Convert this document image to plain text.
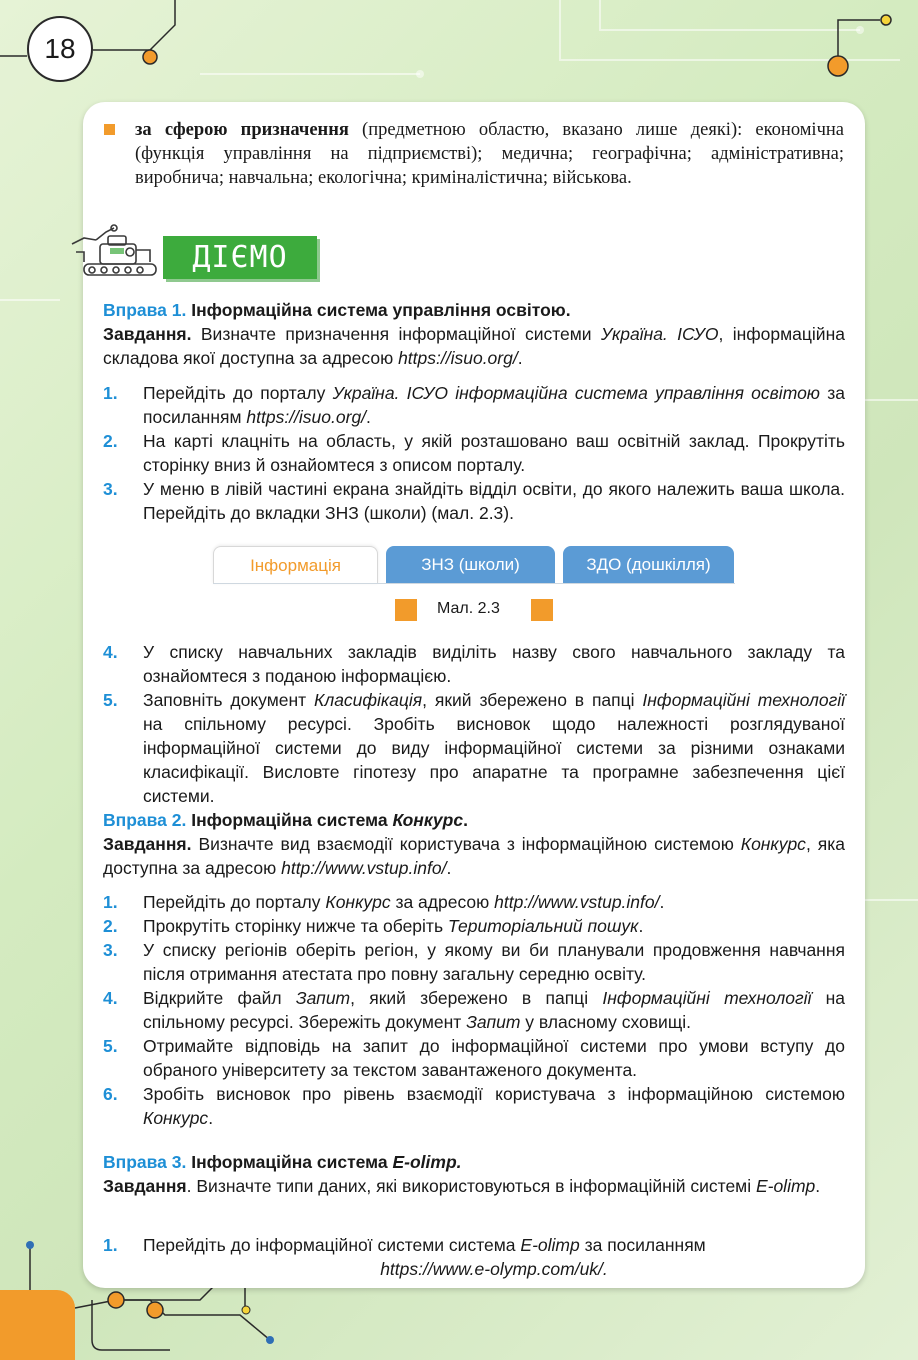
18
за сферою призначення (предметною областю, вказано лише деякі): економічна (функція управління на підприємстві); медична; географічна; адміністративна; виробнича; навчальна; екологічна; криміналістична; військова.
ДІЄМО
Вправа 1. Інформаційна система управління освітою.
Завдання. Визначте призначення інформаційної системи Україна. ІСУО, інформаційна складова якої доступна за адресою https://isuo.org/.
1. Перейдіть до порталу Україна. ІСУО інформаційна система управління освітою за посиланням https://isuo.org/.
2. На карті клацніть на область, у якій розташовано ваш освітній заклад. Прокрутіть сторінку вниз й ознайомтеся з описом порталу.
3. У меню в лівій частині екрана знайдіть відділ освіти, до якого належить ваша школа. Перейдіть до вкладки ЗНЗ (школи) (мал. 2.3).
Інформація	ЗНЗ (школи)	ЗДО (дошкілля)
Мал. 2.3
4. У списку навчальних закладів виділіть назву свого навчального закладу та ознайомтеся з поданою інформацією.
5. Заповніть документ Класифікація, який збережено в папці Інформаційні технології на спільному ресурсі. Зробіть висновок щодо належності розглядуваної інформаційної системи до виду інформаційної системи за різними ознаками класифікації. Висловте гіпотезу про апаратне та програмне забезпечення цієї системи.
Вправа 2. Інформаційна система Конкурс.
Завдання. Визначте вид взаємодії користувача з інформаційною системою Конкурс, яка доступна за адресою http://www.vstup.info/.
1. Перейдіть до порталу Конкурс за адресою http://www.vstup.info/.
2. Прокрутіть сторінку нижче та оберіть Територіальний пошук.
3. У списку регіонів оберіть регіон, у якому ви би планували продовження навчання після отримання атестата про повну загальну середню освіту.
4. Відкрийте файл Запит, який збережено в папці Інформаційні технології на спільному ресурсі. Збережіть документ Запит у власному сховищі.
5. Отримайте відповідь на запит до інформаційної системи про умови вступу до обраного університету за текстом завантаженого документа.
6. Зробіть висновок про рівень взаємодії користувача з інформаційною системою Конкурс.
Вправа 3. Інформаційна система E-olimp.
Завдання. Визначте типи даних, які використовуються в інформаційній системі E-olimp.
1. Перейдіть до інформаційної системи система E-olimp за посиланням
https://www.e-olymp.com/uk/.
